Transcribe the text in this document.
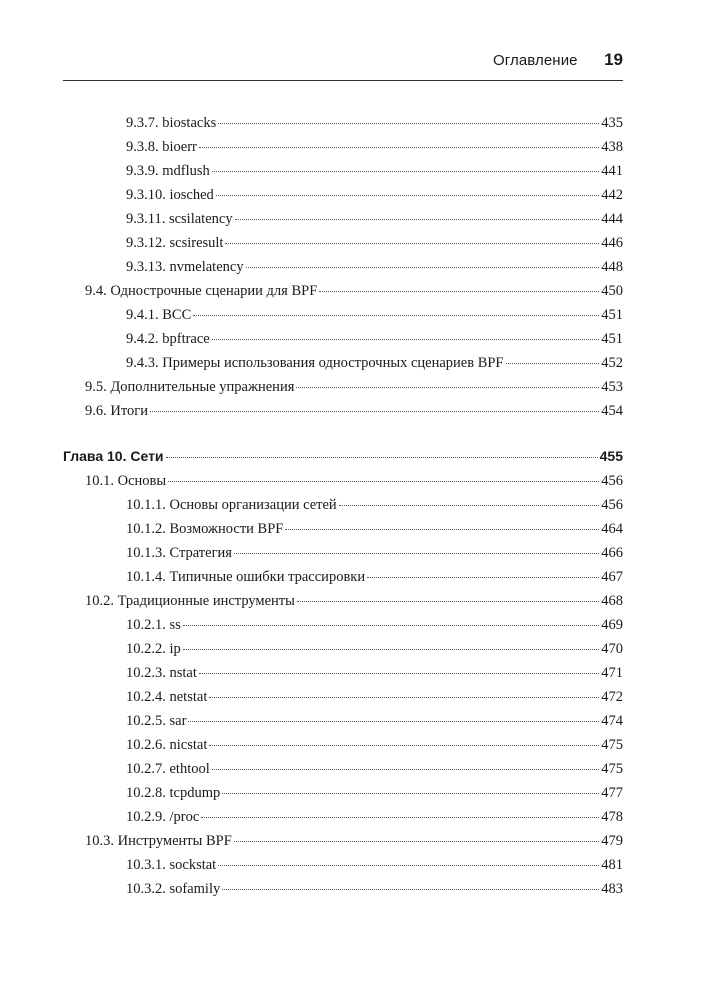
Оглавление 19
9.3.7. biostacks	435
9.3.8. bioerr	438
9.3.9. mdflush	441
9.3.10. iosched	442
9.3.11. scsilatency	444
9.3.12. scsiresult	446
9.3.13. nvmelatency	448
9.4. Однострочные сценарии для BPF	450
9.4.1. BCC	451
9.4.2. bpftrace	451
9.4.3. Примеры использования однострочных сценариев BPF	452
9.5. Дополнительные упражнения	453
9.6. Итоги	454
Глава 10. Сети	455
10.1. Основы	456
10.1.1. Основы организации сетей	456
10.1.2. Возможности BPF	464
10.1.3. Стратегия	466
10.1.4. Типичные ошибки трассировки	467
10.2. Традиционные инструменты	468
10.2.1. ss	469
10.2.2. ip	470
10.2.3. nstat	471
10.2.4. netstat	472
10.2.5. sar	474
10.2.6. nicstat	475
10.2.7. ethtool	475
10.2.8. tcpdump	477
10.2.9. /proc	478
10.3. Инструменты BPF	479
10.3.1. sockstat	481
10.3.2. sofamily	483
